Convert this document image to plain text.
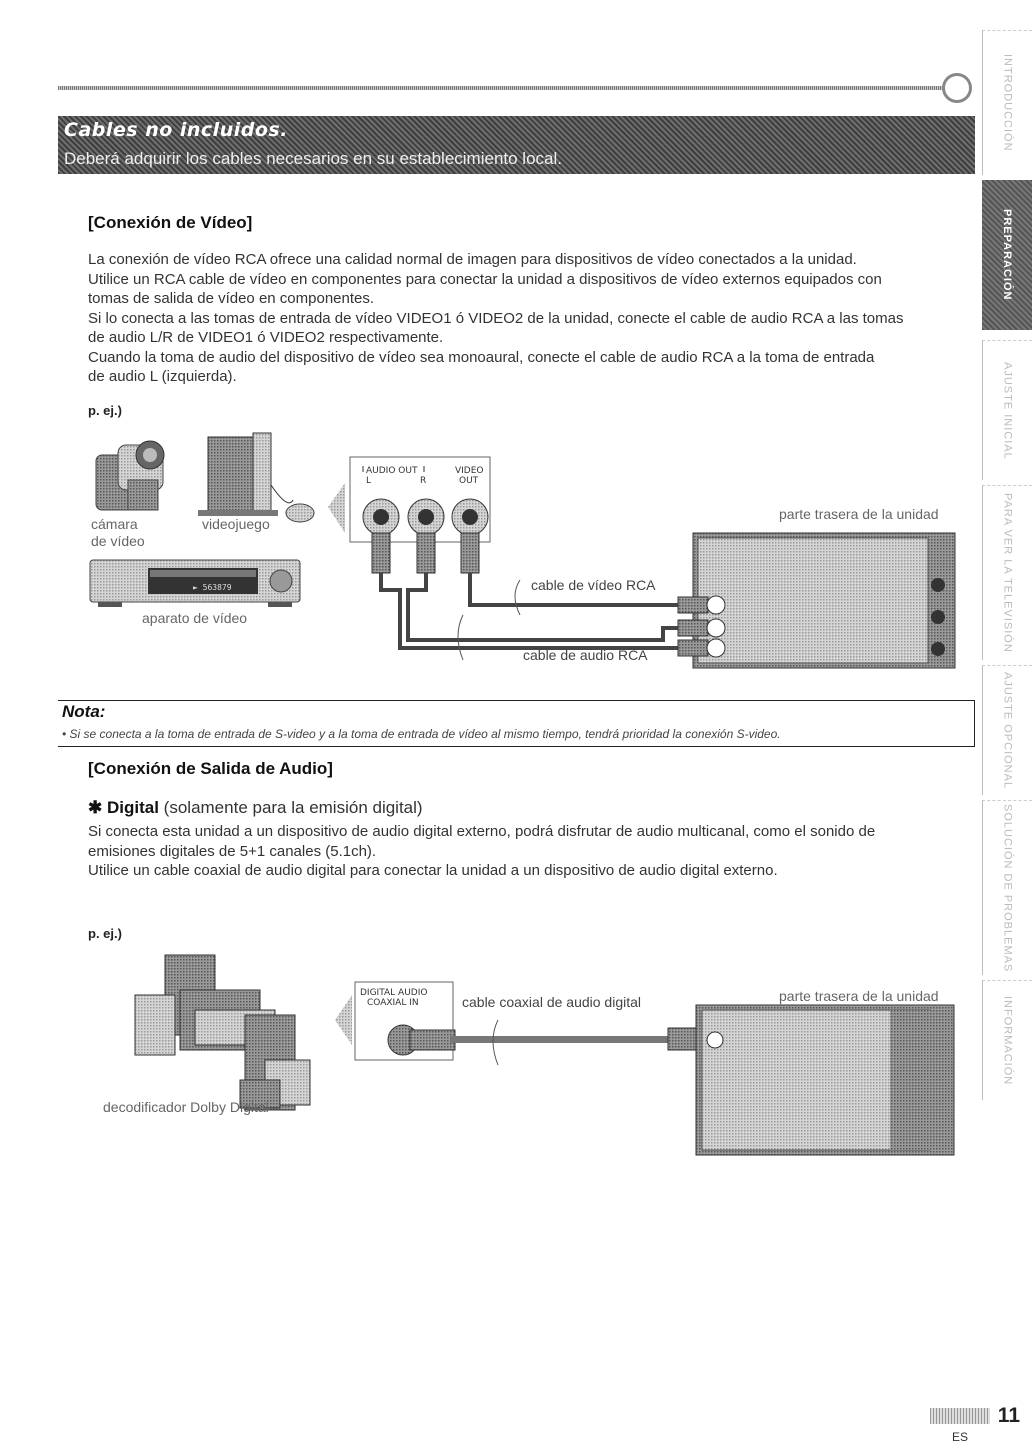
Cables no incluidos.
Deberá adquirir los cables necesarios en su establecimiento local.
INTRODUCCIÓN
PREPARACIÓN
AJUSTE INICIAL
PARA VER LA TELEVISIÓN
AJUSTE OPCIONAL
SOLUCIÓN DE PROBLEMAS
INFORMACIÓN
[Conexión de Vídeo]
La conexión de vídeo RCA ofrece una calidad normal de imagen para dispositivos de vídeo conectados a la unidad.
Utilice un RCA cable de vídeo en componentes para conectar la unidad a dispositivos de vídeo externos equipados con
tomas de salida de vídeo en componentes.
Si lo conecta a las tomas de entrada de vídeo VIDEO1 ó VIDEO2 de la unidad, conecte el cable de audio RCA a las tomas
de audio L/R de VIDEO1 ó VIDEO2 respectivamente.
Cuando la toma de audio del dispositivo de vídeo sea monoaural, conecte el cable de audio RCA a la toma de entrada
de audio L (izquierda).
p. ej.)
► 563879
cámara
de vídeo
videojuego
aparato de vídeo
AUDIO OUT
L	R
VIDEO
OUT
parte trasera de la unidad
cable de vídeo RCA
cable de audio RCA
Nota:
• Si se conecta a la toma de entrada de S-video y a la toma de entrada de vídeo al mismo tiempo, tendrá prioridad la conexión S-video.
[Conexión de Salida de Audio]
✱ Digital (solamente para la emisión digital)
Si conecta esta unidad a un dispositivo de audio digital externo, podrá disfrutar de audio multicanal, como el sonido de
emisiones digitales de 5+1 canales (5.1ch).
Utilice un cable coaxial de audio digital para conectar la unidad a un dispositivo de audio digital externo.
p. ej.)
decodificador Dolby Digital
DIGITAL AUDIO
COAXIAL IN	cable coaxial de audio digital	parte trasera de la unidad
11
ES
